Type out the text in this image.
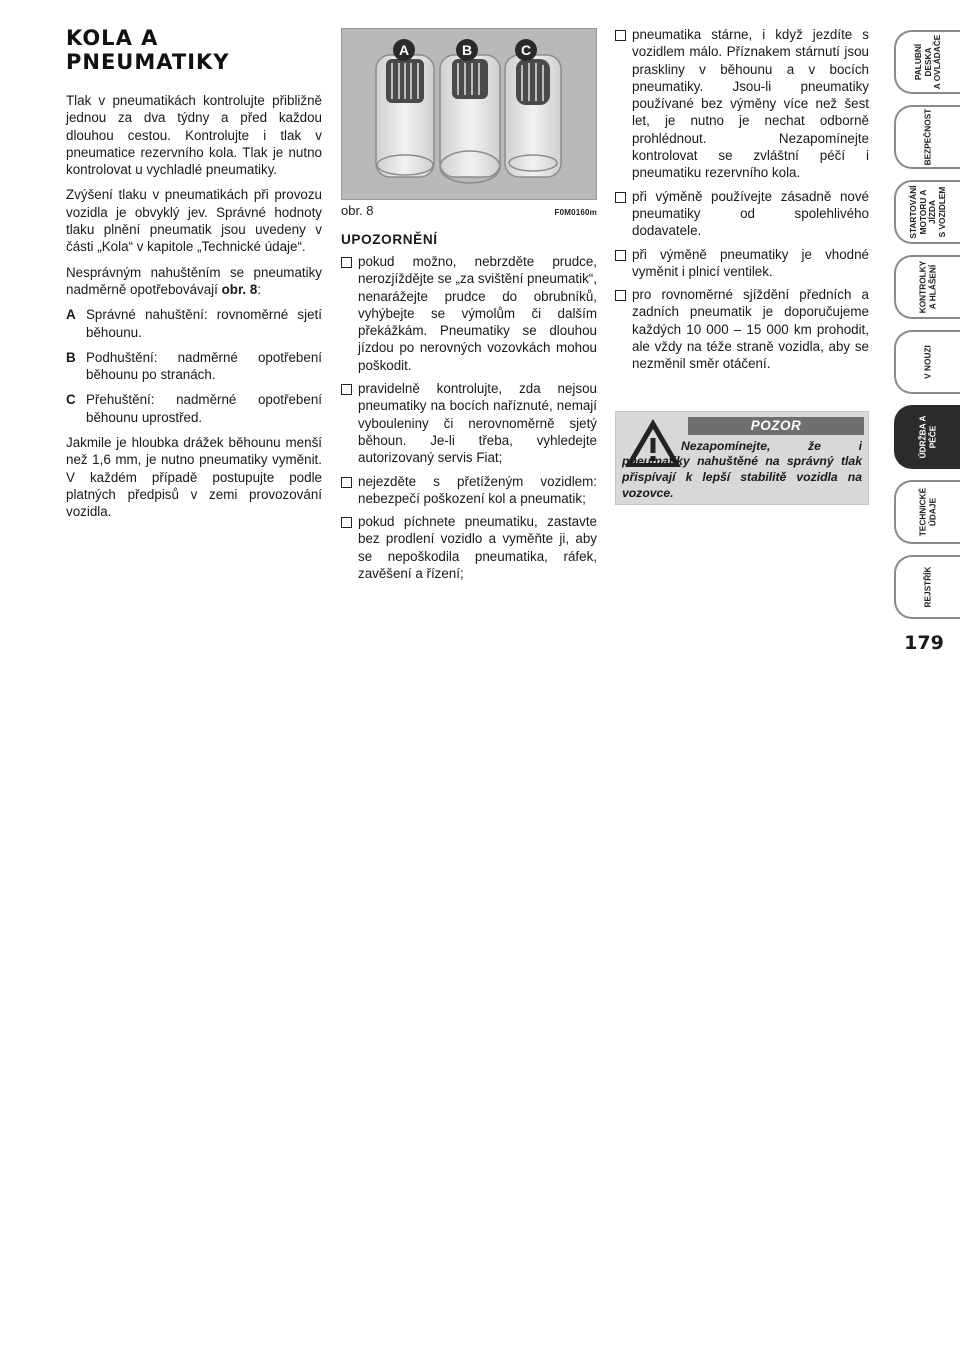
KOLA A PNEUMATIKY

Tlak v pneumatikách kontrolujte přibližně jednou za dva týdny a před každou dlouhou cestou. Kontrolujte i tlak v pneumatice rezervního kola. Tlak je nutno kontrolovat u vychladlé pneumatiky.

Zvýšení tlaku v pneumatikách při provozu vozidla je obvyklý jev. Správné hodnoty tlaku plnění pneumatik jsou uvedeny v části „Kola“ v kapitole „Technické údaje“.

Nesprávným nahuštěním se pneumatiky nadměrně opotřebovávají obr. 8:

A Správné nahuštění: rovnoměrné sjetí běhounu.
B Podhuštění: nadměrné opotřebení běhounu po stranách.
C Přehuštění: nadměrné opotřebení běhounu uprostřed.

Jakmile je hloubka drážek běhounu menší než 1,6 mm, je nutno pneumatiky vyměnit. V každém případě postupujte podle platných předpisů v zemi provozování vozidla.

A	B	C
obr. 8	F0M0160m
UPOZORNĚNÍ
pokud možno, nebrzděte prudce, nerozjíždějte se „za svištění pneumatik“, nenarážejte prudce do obrubníků, vyhýbejte se výmolům či dalším překážkám. Pneumatiky se dlouhou jízdou po nerovných vozovkách mohou poškodit.
pravidelně kontrolujte, zda nejsou pneumatiky na bocích naříznuté, nemají vybouleniny či nerovnoměrně sjetý běhoun. Je-li třeba, vyhledejte autorizovaný servis Fiat;
nejezděte s přetíženým vozidlem: nebezpečí poškození kol a pneumatik;
pokud píchnete pneumatiku, zastavte bez prodlení vozidlo a vyměňte ji, aby se nepoškodila pneumatika, ráfek, zavěšení a řízení;
pneumatika stárne, i když jezdíte s vozidlem málo. Příznakem stárnutí jsou praskliny v běhounu a v bocích pneumatiky. Jsou-li pneumatiky používané bez výměny více než šest let, je nutno je nechat odborně prohlédnout. Nezapomínejte kontrolovat se zvláštní péčí i pneumatiku rezervního kola.
při výměně používejte zásadně nové pneumatiky od spolehlivého dodavatele.
při výměně pneumatiky je vhodné vyměnit i plnicí ventilek.
pro rovnoměrné sjíždění předních a zadních pneumatik je doporučujeme každých 10 000 – 15 000 km prohodit, ale vždy na téže straně vozidla, aby se nezměnil směr otáčení.
POZOR
Nezapomínejte, že i pneumatiky nahuštěné na správný tlak přispívají k lepší stabilitě vozidla na vozovce.
PALUBNÍ DESKA
A OVLÁDAČE
BEZPEČNOST
STARTOVÁNÍ
MOTORU A JÍZDA
S VOZIDLEM
KONTROLKY
A HLÁŠENÍ
V NOUZI
ÚDRŽBA A PÉČE
TECHNICKÉ
ÚDAJE
REJSTŘÍK
179
